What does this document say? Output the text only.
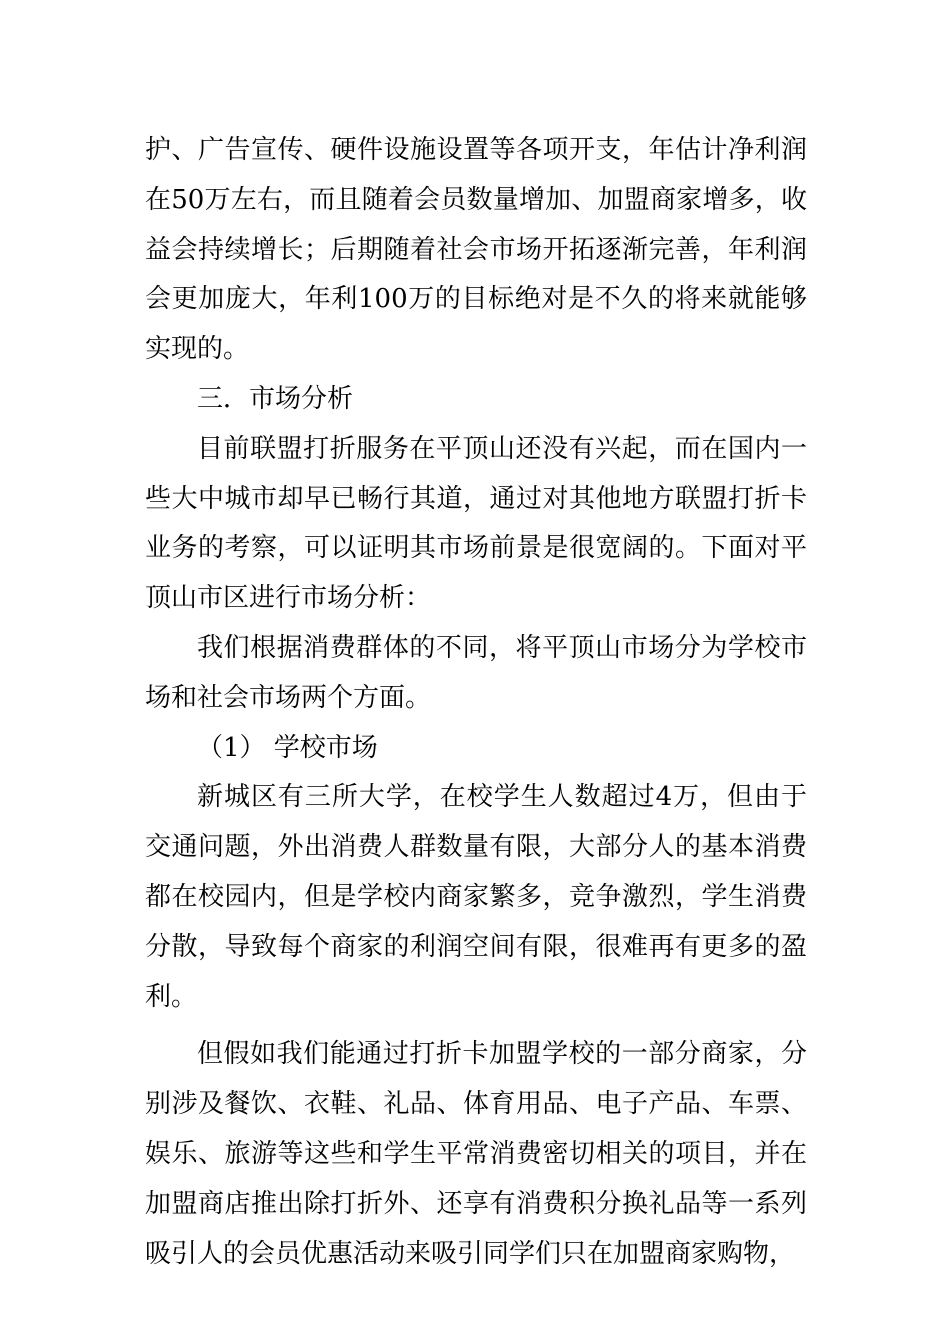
护、广告宣传、硬件设施设置等各项开支，年估计净利润在50万左右，而且随着会员数量增加、加盟商家增多，收益会持续增长；后期随着社会市场开拓逐渐完善，年利润会更加庞大，年利100万的目标绝对是不久的将来就能够实现的。

三．市场分析

目前联盟打折服务在平顶山还没有兴起，而在国内一些大中城市却早已畅行其道，通过对其他地方联盟打折卡业务的考察，可以证明其市场前景是很宽阔的。下面对平顶山市区进行市场分析：

我们根据消费群体的不同，将平顶山市场分为学校市场和社会市场两个方面。

（1） 学校市场

新城区有三所大学，在校学生人数超过4万，但由于交通问题，外出消费人群数量有限，大部分人的基本消费都在校园内，但是学校内商家繁多，竞争激烈，学生消费分散，导致每个商家的利润空间有限，很难再有更多的盈利。

但假如我们能通过打折卡加盟学校的一部分商家，分别涉及餐饮、衣鞋、礼品、体育用品、电子产品、车票、娱乐、旅游等这些和学生平常消费密切相关的项目，并在加盟商店推出除打折外、还享有消费积分换礼品等一系列吸引人的会员优惠活动来吸引同学们只在加盟商家购物，
